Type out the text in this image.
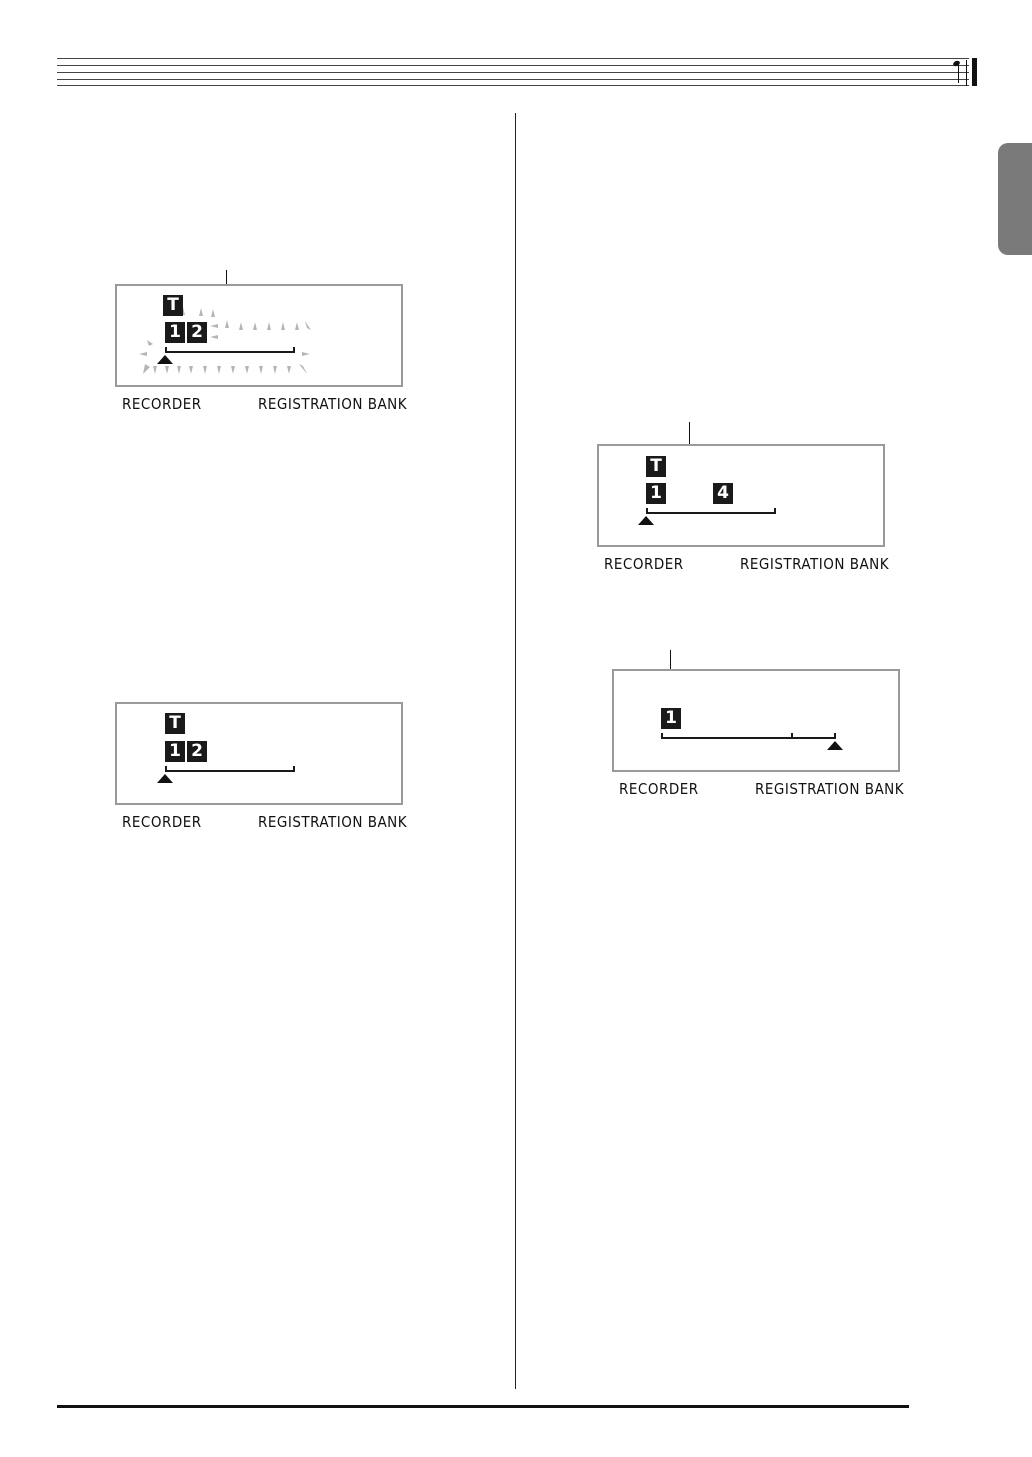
T
1 2
RECORDER	REGISTRATION BANK
T
1 2
RECORDER	REGISTRATION BANK
T
1	4
RECORDER	REGISTRATION BANK
1
RECORDER	REGISTRATION BANK
